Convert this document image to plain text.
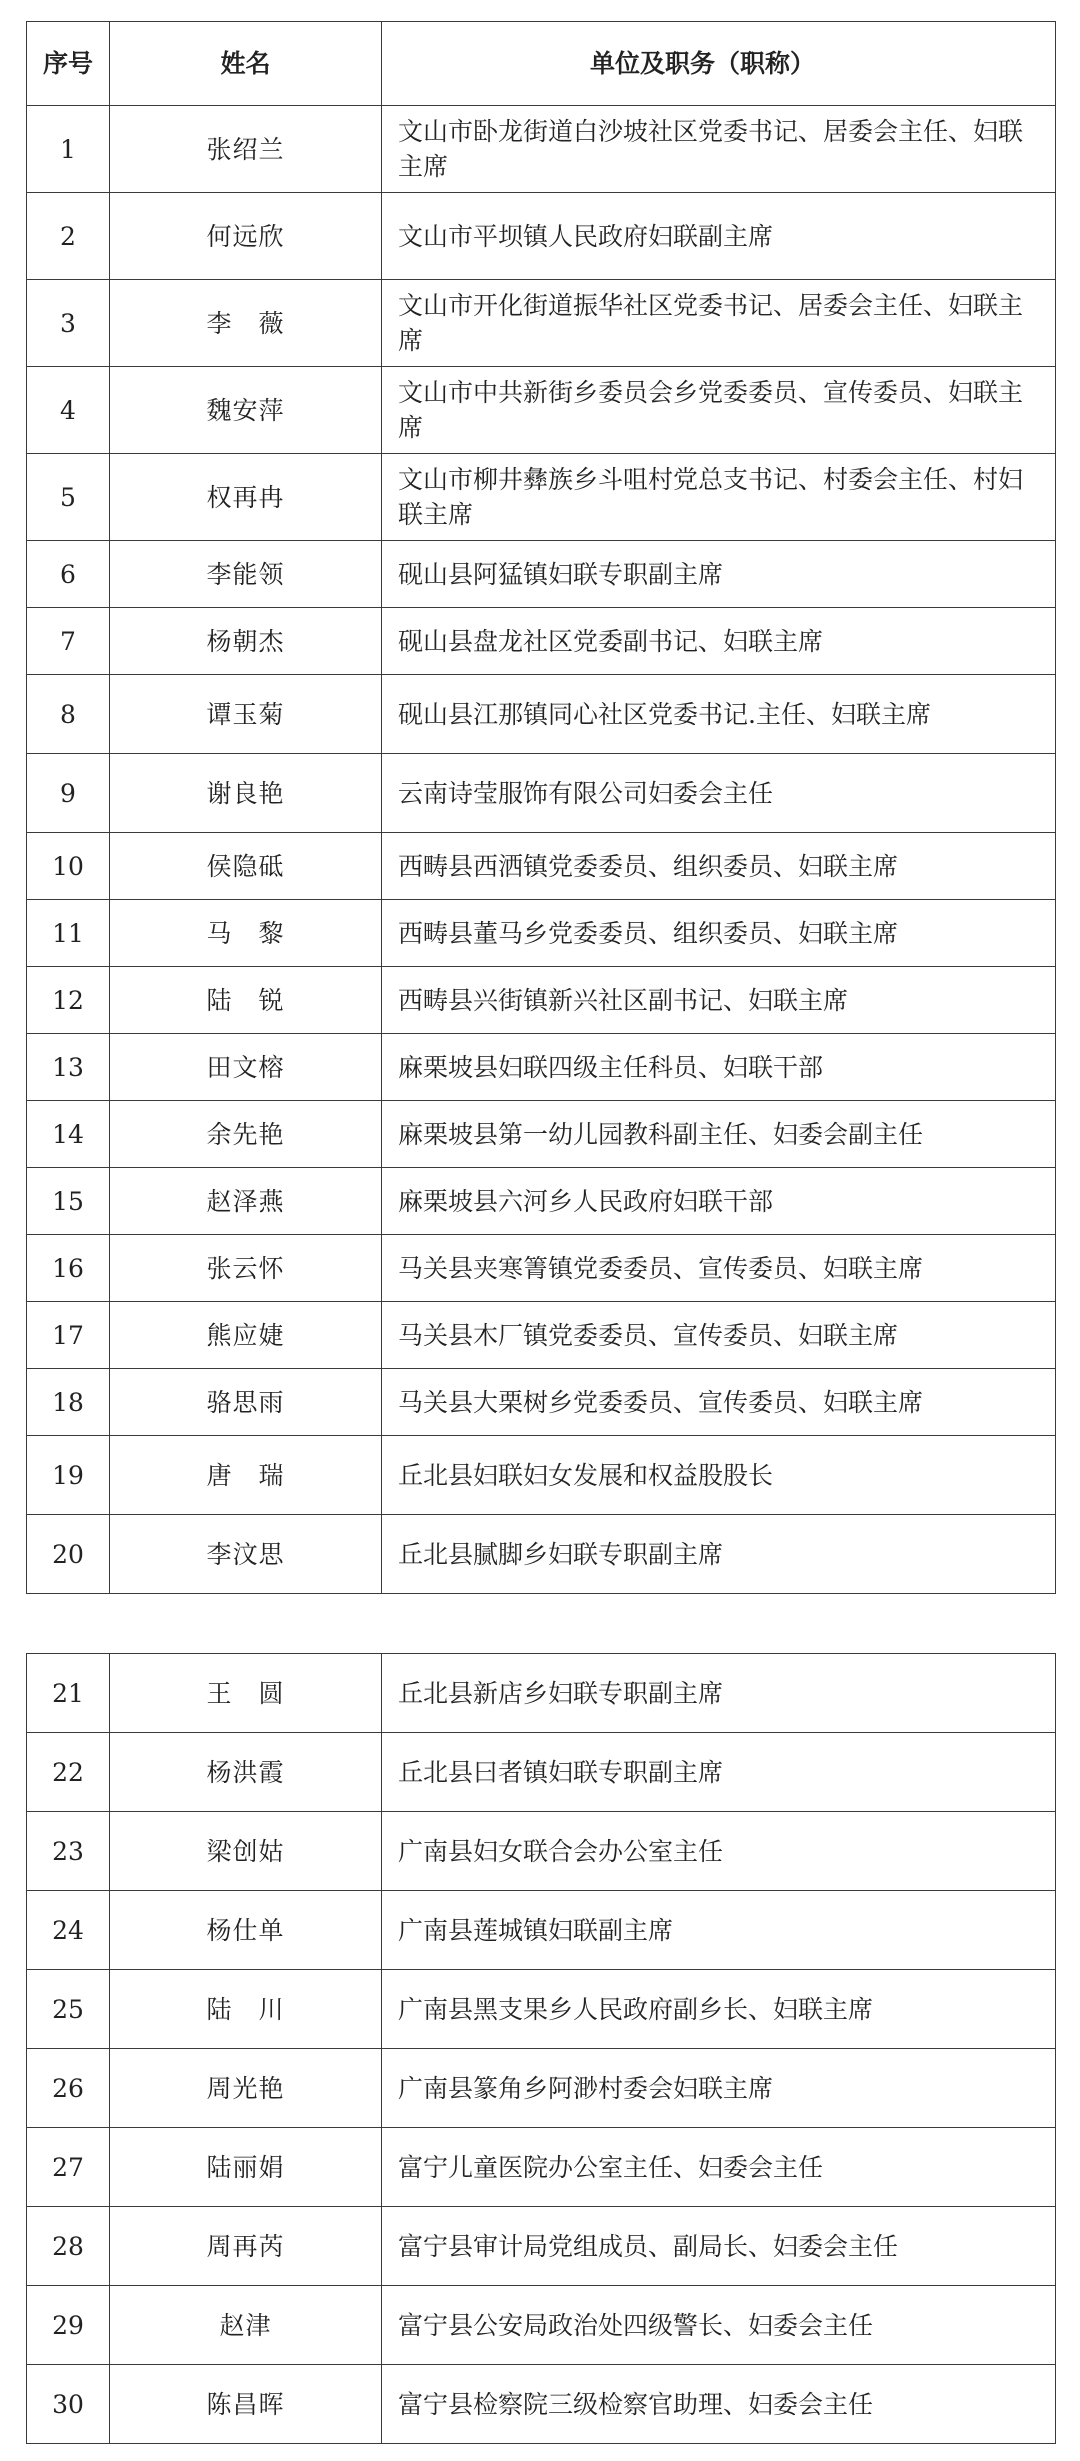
序号	姓名	单位及职务（职称）
1	张绍兰	文山市卧龙街道白沙坡社区党委书记、居委会主任、妇联主席
2	何远欣	文山市平坝镇人民政府妇联副主席
3	李　薇	文山市开化街道振华社区党委书记、居委会主任、妇联主席
4	魏安萍	文山市中共新街乡委员会乡党委委员、宣传委员、妇联主席
5	权再冉	文山市柳井彝族乡斗咀村党总支书记、村委会主任、村妇联主席
6	李能领	砚山县阿猛镇妇联专职副主席
7	杨朝杰	砚山县盘龙社区党委副书记、妇联主席
8	谭玉菊	砚山县江那镇同心社区党委书记.主任、妇联主席
9	谢良艳	云南诗莹服饰有限公司妇委会主任
10	侯隐砥	西畴县西洒镇党委委员、组织委员、妇联主席
11	马　黎	西畴县董马乡党委委员、组织委员、妇联主席
12	陆　锐	西畴县兴街镇新兴社区副书记、妇联主席
13	田文榕	麻栗坡县妇联四级主任科员、妇联干部
14	余先艳	麻栗坡县第一幼儿园教科副主任、妇委会副主任
15	赵泽燕	麻栗坡县六河乡人民政府妇联干部
16	张云怀	马关县夹寒箐镇党委委员、宣传委员、妇联主席
17	熊应婕	马关县木厂镇党委委员、宣传委员、妇联主席
18	骆思雨	马关县大栗树乡党委委员、宣传委员、妇联主席
19	唐　瑞	丘北县妇联妇女发展和权益股股长
20	李汶思	丘北县腻脚乡妇联专职副主席
21	王　圆	丘北县新店乡妇联专职副主席
22	杨洪霞	丘北县曰者镇妇联专职副主席
23	梁创姑	广南县妇女联合会办公室主任
24	杨仕单	广南县莲城镇妇联副主席
25	陆　川	广南县黑支果乡人民政府副乡长、妇联主席
26	周光艳	广南县篆角乡阿渺村委会妇联主席
27	陆丽娟	富宁儿童医院办公室主任、妇委会主任
28	周再芮	富宁县审计局党组成员、副局长、妇委会主任
29	赵津	富宁县公安局政治处四级警长、妇委会主任
30	陈昌晖	富宁县检察院三级检察官助理、妇委会主任
